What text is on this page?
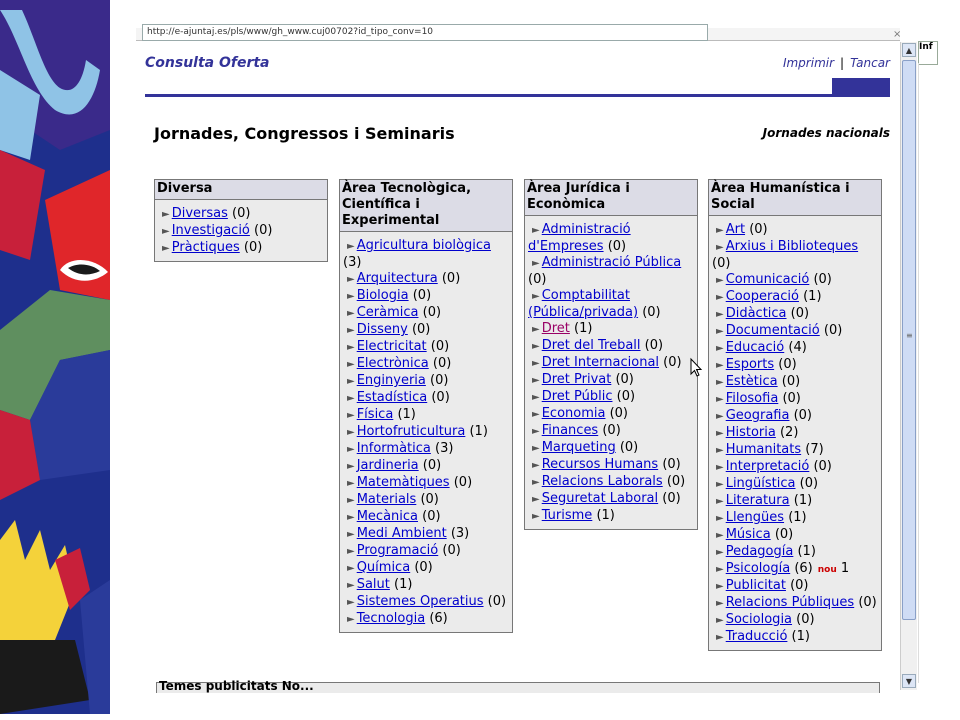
http://e-ajuntaj.es/pls/www/gh_www.cuj00702?id_tipo_conv=10	×
Consulta Oferta	Imprimir | Tancar
Jornades, Congressos i Seminaris	Jornades nacionals
Diversa
► Diversas (0)
► Investigació (0)
► Pràctiques (0)
Àrea Tecnològica, Científica i Experimental
► Agricultura biològica (3)
► Arquitectura (0)
► Biologia (0)
► Ceràmica (0)
► Disseny (0)
► Electricitat (0)
► Electrònica (0)
► Enginyeria (0)
► Estadística (0)
► Física (1)
► Hortofruticultura (1)
► Informàtica (3)
► Jardineria (0)
► Matemàtiques (0)
► Materials (0)
► Mecànica (0)
► Medi Ambient (3)
► Programació (0)
► Química (0)
► Salut (1)
► Sistemes Operatius (0)
► Tecnologia (6)
Àrea Jurídica i Econòmica
► Administració d'Empreses (0)
► Administració Pública (0)
► Comptabilitat (Pública/privada) (0)
► Dret (1)
► Dret del Treball (0)
► Dret Internacional (0)
► Dret Privat (0)
► Dret Públic (0)
► Economia (0)
► Finances (0)
► Marqueting (0)
► Recursos Humans (0)
► Relacions Laborals (0)
► Seguretat Laboral (0)
► Turisme (1)
Àrea Humanística i Social
► Art (0)
► Arxius i Biblioteques (0)
► Comunicació (0)
► Cooperació (1)
► Didàctica (0)
► Documentació (0)
► Educació (4)
► Esports (0)
► Estètica (0)
► Filosofia (0)
► Geografia (0)
► Historia (2)
► Humanitats (7)
► Interpretació (0)
► Lingüística (0)
► Literatura (1)
► Llengües (1)
► Música (0)
► Pedagogía (1)
► Psicología (6) nou 1
► Publicitat (0)
► Relacions Públiques (0)
► Sociologia (0)
► Traducció (1)
Temes publicitats No...
▲
≡
▼
Inf
